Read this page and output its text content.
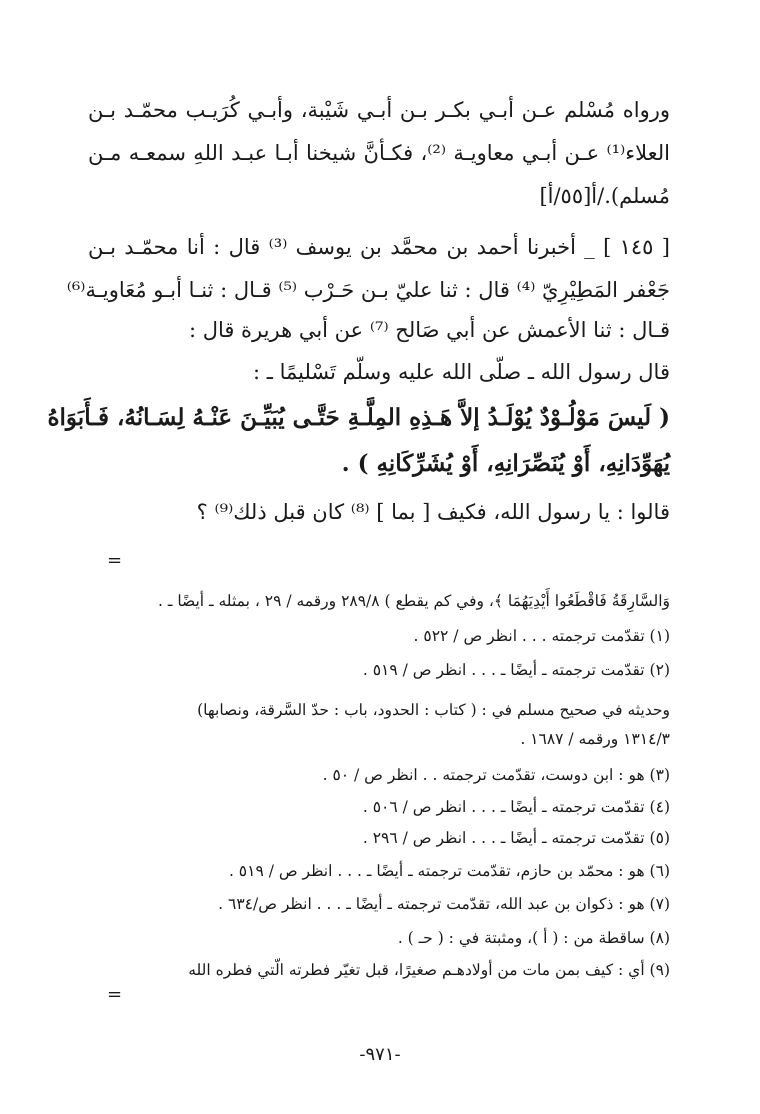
ورواه مُسْلم عـن أبـي بكـر بـن أبـي شَيْبة، وأبـي كُرَيـب محمّـد بـن
العلاء⁽¹⁾ عـن أبـي معاويـة ⁽²⁾، فكـأنَّ شيخنا أبـا عبـد اللهِ سمعـه مـن
مُسلم)./أ[٥٥/أ]
[ ١٤٥ ] _ أخبرنا أحمد بن محمَّد بن يوسف ⁽³⁾ قال : أنا محمّـد بـن
جَعْفر المَطِيْرِيّ ⁽⁴⁾ قال : ثنا عليّ بـن حَـرْب ⁽⁵⁾ قـال : ثنـا أبـو مُعَاويـة⁽⁶⁾
قـال : ثنا الأعمش عن أبي صَالح ⁽⁷⁾ عن أبي هريرة قال :
قال رسول الله ـ صلّى الله عليه وسلّم تَسْليمًا ـ :
( لَيسَ مَوْلُـوْدٌ يُوْلَـدُ إلاَّ هَـذِهِ المِلَّـةِ حَتَّـى يُبَيِّـنَ عَنْـهُ لِسَـانُهُ، فَـأَبَوَاهُ
يُهَوِّدَانِهِ، أَوْ يُنَصِّرَانِهِ، أَوْ يُشَرِّكَانِهِ ) .
قالوا : يا رسول الله، فكيف [ بما ] ⁽⁸⁾ كان قبل ذلك⁽⁹⁾ ؟
=
وَالسَّارِقَةُ فَاقْطَعُوا أَيْدِيَهُمَا ﴾، وفي كم يقطع ) ٢٨٩/٨ ورقمه / ٢٩ ، بمثله ـ أيضًا ـ .
(١) تقدّمت ترجمته . . . انظر ص / ٥٢٢ .
(٢) تقدّمت ترجمته ـ أيضًا ـ . . . انظر ص / ٥١٩ .
وحديثه في صحيح مسلم في : ( كتاب : الحدود، باب : حدّ السَّرقة، ونصابها)
١٣١٤/٣ ورقمه / ١٦٨٧ .
(٣) هو : ابن دوست، تقدّمت ترجمته . . انظر ص / ٥٠ .
(٤) تقدّمت ترجمته ـ أيضًا ـ . . . انظر ص / ٥٠٦ .
(٥) تقدّمت ترجمته ـ أيضًا ـ . . . انظر ص / ٢٩٦ .
(٦) هو : محمّد بن حازم، تقدّمت ترجمته ـ أيضًا ـ . . . انظر ص / ٥١٩ .
(٧) هو : ذكوان بن عبد الله، تقدّمت ترجمته ـ أيضًا ـ . . . انظر ص/٦٣٤ .
(٨) ساقطة من : ( أ )، ومثبتة في : ( حـ ) .
(٩) أي : كيف بمن مات من أولادهـم صغيرًا، قبل تغيّر فطرته الّتي فطره الله
=
-٩٧١-
